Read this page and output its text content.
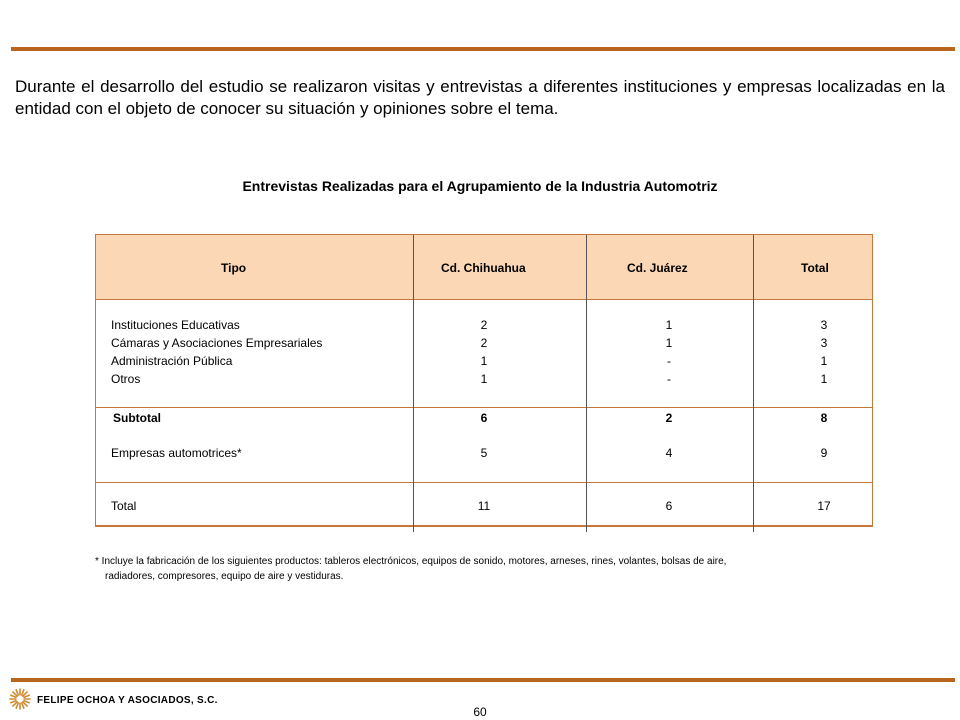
Durante el desarrollo del estudio se realizaron visitas y entrevistas a diferentes instituciones y empresas localizadas en la entidad con el objeto de conocer su situación y opiniones sobre el tema.
Entrevistas Realizadas para el Agrupamiento de la Industria Automotriz
Tipo	Cd. Chihuahua	Cd. Juárez	Total
Instituciones Educativas	2	1	3
Cámaras y Asociaciones Empresariales	2	1	3
Administración Pública	1	-	1
Otros	1	-	1
Subtotal	6	2	8
Empresas automotrices*	5	4	9
Total	11	6	17
* Incluye la fabricación de los siguientes productos: tableros electrónicos, equipos de sonido, motores, arneses, rines, volantes, bolsas de aire,
radiadores, compresores, equipo de aire y vestiduras.
FELIPE OCHOA Y ASOCIADOS, S.C.
60
